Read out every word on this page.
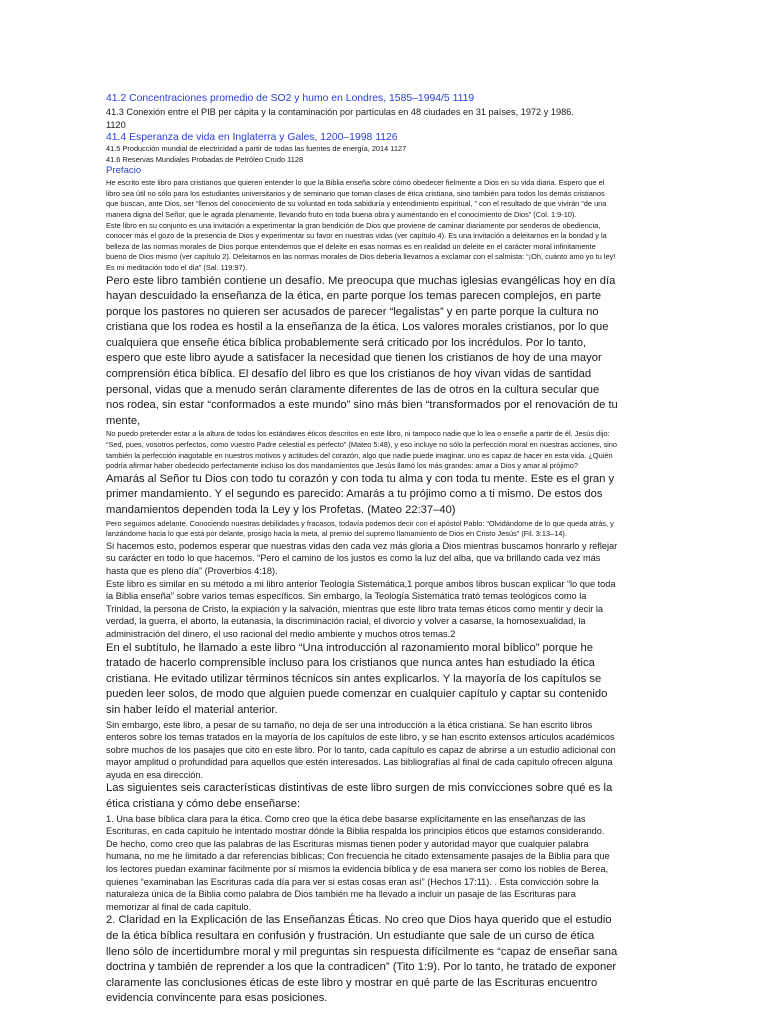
41.2 Concentraciones promedio de SO2 y humo en Londres, 1585–1994/5 1119

41.3 Conexión entre el PIB per cápita y la contaminación por partículas en 48 ciudades en 31 países, 1972 y 1986.

1120

41.4 Esperanza de vida en Inglaterra y Gales, 1200–1998 1126

41.5 Producción mundial de electricidad a partir de todas las fuentes de energía, 2014 1127

41.6 Reservas Mundiales Probadas de Petróleo Crudo 1128

Prefacio

He escrito este libro para cristianos que quieren entender lo que la Biblia enseña sobre cómo obedecer fielmente a Dios en su vida diaria. Espero que el libro sea útil no sólo para los estudiantes universitarios y de seminario que toman clases de ética cristiana, sino también para todos los demás cristianos que buscan, ante Dios, ser “llenos del conocimiento de su voluntad en toda sabiduría y entendimiento espiritual, ” con el resultado de que vivirán “de una manera digna del Señor, que le agrada plenamente, llevando fruto en toda buena obra y aumentando en el conocimiento de Dios” (Col. 1:9-10).

Este libro en su conjunto es una invitación a experimentar la gran bendición de Dios que proviene de caminar diariamente por senderos de obediencia, conocer más el gozo de la presencia de Dios y experimentar su favor en nuestras vidas (ver capítulo 4). Es una invitación a deleitarnos en la bondad y la belleza de las normas morales de Dios porque entendemos que el deleite en esas normas es en realidad un deleite en el carácter moral infinitamente bueno de Dios mismo (ver capítulo 2). Deleitarnos en las normas morales de Dios debería llevarnos a exclamar con el salmista: “¡Oh, cuánto amo yo tu ley! Es mi meditación todo el día” (Sal. 119:97).

Pero este libro también contiene un desafío. Me preocupa que muchas iglesias evangélicas hoy en día hayan descuidado la enseñanza de la ética, en parte porque los temas parecen complejos, en parte porque los pastores no quieren ser acusados de parecer “legalistas” y en parte porque la cultura no cristiana que los rodea es hostil a la enseñanza de la ética. Los valores morales cristianos, por lo que cualquiera que enseñe ética bíblica probablemente será criticado por los incrédulos. Por lo tanto, espero que este libro ayude a satisfacer la necesidad que tienen los cristianos de hoy de una mayor comprensión ética bíblica. El desafío del libro es que los cristianos de hoy vivan vidas de santidad personal, vidas que a menudo serán claramente diferentes de las de otros en la cultura secular que nos rodea, sin estar “conformados a este mundo” sino más bien “transformados por el renovación de tu mente,

No puedo pretender estar a la altura de todos los estándares éticos descritos en este libro, ni tampoco nadie que lo lea o enseñe a partir de él. Jesús dijo: “Sed, pues, vosotros perfectos, como vuestro Padre celestial es perfecto” (Mateo 5:48), y eso incluye no sólo la perfección moral en nuestras acciones, sino también la perfección inagotable en nuestros motivos y actitudes del corazón, algo que nadie puede imaginar. uno es capaz de hacer en esta vida. ¿Quién podría afirmar haber obedecido perfectamente incluso los dos mandamientos que Jesús llamó los más grandes: amar a Dios y amar al prójimo?

Amarás al Señor tu Dios con todo tu corazón y con toda tu alma y con toda tu mente. Este es el gran y primer mandamiento. Y el segundo es parecido: Amarás a tu prójimo como a ti mismo. De estos dos mandamientos dependen toda la Ley y los Profetas. (Mateo 22:37–40)

Pero seguimos adelante. Conociendo nuestras debilidades y fracasos, todavía podemos decir con el apóstol Pablo: “Olvidándome de lo que queda atrás, y lanzándome hacia lo que está por delante, prosigo hacia la meta, al premio del supremo llamamiento de Dios en Cristo Jesús” (Fil. 3:13–14).

Si hacemos esto, podemos esperar que nuestras vidas den cada vez más gloria a Dios mientras buscamos honrarlo y reflejar su carácter en todo lo que hacemos. “Pero el camino de los justos es como la luz del alba, que va brillando cada vez más hasta que es pleno día” (Proverbios 4:18).

Este libro es similar en su método a mi libro anterior Teología Sistemática,1 porque ambos libros buscan explicar “lo que toda la Biblia enseña” sobre varios temas específicos. Sin embargo, la Teología Sistemática trató temas teológicos como la Trinidad, la persona de Cristo, la expiación y la salvación, mientras que este libro trata temas éticos como mentir y decir la verdad, la guerra, el aborto, la eutanasia, la discriminación racial, el divorcio y volver a casarse, la homosexualidad, la administración del dinero, el uso racional del medio ambiente y muchos otros temas.2

En el subtítulo, he llamado a este libro “Una introducción al razonamiento moral bíblico” porque he tratado de hacerlo comprensible incluso para los cristianos que nunca antes han estudiado la ética cristiana. He evitado utilizar términos técnicos sin antes explicarlos. Y la mayoría de los capítulos se pueden leer solos, de modo que alguien puede comenzar en cualquier capítulo y captar su contenido sin haber leído el material anterior.

Sin embargo, este libro, a pesar de su tamaño, no deja de ser una introducción a la ética cristiana. Se han escrito libros enteros sobre los temas tratados en la mayoría de los capítulos de este libro, y se han escrito extensos artículos académicos sobre muchos de los pasajes que cito en este libro. Por lo tanto, cada capítulo es capaz de abrirse a un estudio adicional con mayor amplitud o profundidad para aquellos que estén interesados. Las bibliografías al final de cada capítulo ofrecen alguna ayuda en esa dirección.

Las siguientes seis características distintivas de este libro surgen de mis convicciones sobre qué es la ética cristiana y cómo debe enseñarse:

1. Una base bíblica clara para la ética. Como creo que la ética debe basarse explícitamente en las enseñanzas de las Escrituras, en cada capítulo he intentado mostrar dónde la Biblia respalda los principios éticos que estamos considerando. De hecho, como creo que las palabras de las Escrituras mismas tienen poder y autoridad mayor que cualquier palabra humana, no me he limitado a dar referencias bíblicas; Con frecuencia he citado extensamente pasajes de la Biblia para que los lectores puedan examinar fácilmente por sí mismos la evidencia bíblica y de esa manera ser como los nobles de Berea, quienes “examinaban las Escrituras cada día para ver si estas cosas eran así” (Hechos 17:11). . Esta convicción sobre la naturaleza única de la Biblia como palabra de Dios también me ha llevado a incluir un pasaje de las Escrituras para memorizar al final de cada capítulo.

2. Claridad en la Explicación de las Enseñanzas Éticas. No creo que Dios haya querido que el estudio de la ética bíblica resultara en confusión y frustración. Un estudiante que sale de un curso de ética lleno sólo de incertidumbre moral y mil preguntas sin respuesta difícilmente es “capaz de enseñar sana doctrina y también de reprender a los que la contradicen” (Tito 1:9). Por lo tanto, he tratado de exponer claramente las conclusiones éticas de este libro y mostrar en qué parte de las Escrituras encuentro evidencia convincente para esas posiciones.
